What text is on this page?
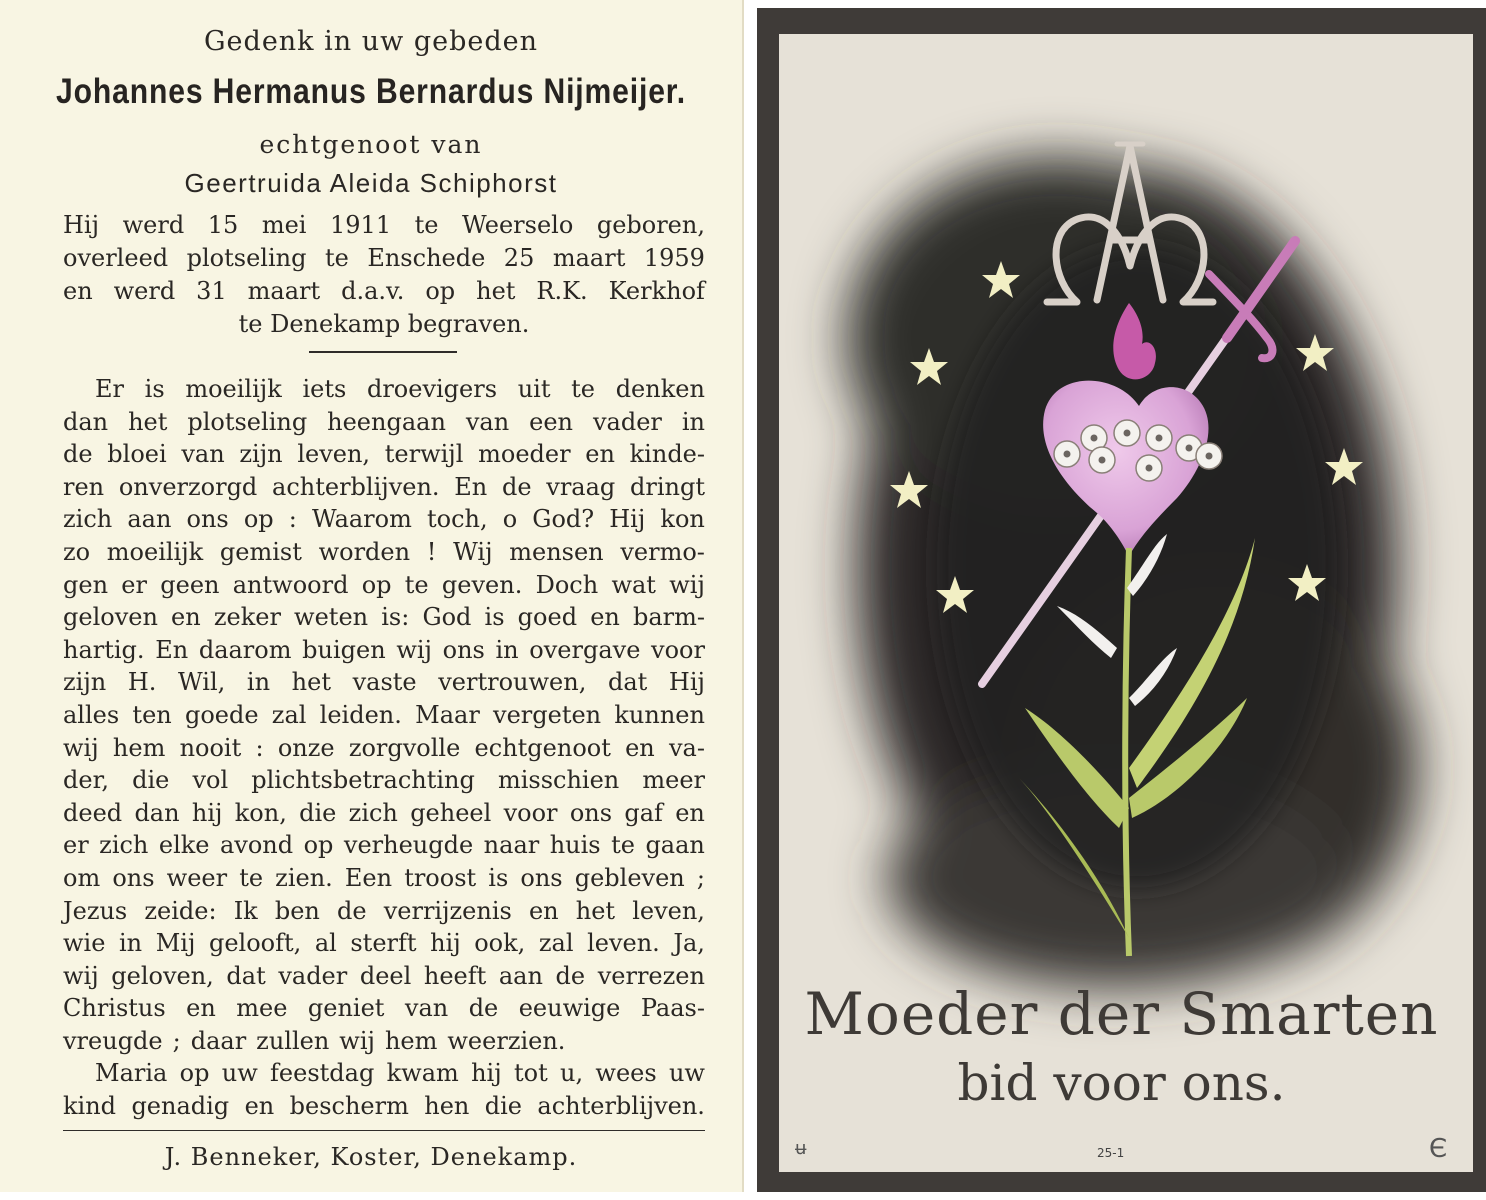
Gedenk in uw gebeden
Johannes Hermanus Bernardus Nijmeijer.
echtgenoot van
Geertruida Aleida Schiphorst
Hij werd 15 mei 1911 te Weerselo geboren,
overleed plotseling te Enschede 25 maart 1959
en werd 31 maart d.a.v. op het R.K. Kerkhof
te Denekamp begraven.
Er is moeilijk iets droevigers uit te denken
dan het plotseling heengaan van een vader in
de bloei van zijn leven, terwijl moeder en kinde-
ren onverzorgd achterblijven. En de vraag dringt
zich aan ons op : Waarom toch, o God? Hij kon
zo moeilijk gemist worden ! Wij mensen vermo-
gen er geen antwoord op te geven. Doch wat wij
geloven en zeker weten is: God is goed en barm-
hartig. En daarom buigen wij ons in overgave voor
zijn H. Wil, in het vaste vertrouwen, dat Hij
alles ten goede zal leiden. Maar vergeten kunnen
wij hem nooit : onze zorgvolle echtgenoot en va-
der, die vol plichtsbetrachting misschien meer
deed dan hij kon, die zich geheel voor ons gaf en
er zich elke avond op verheugde naar huis te gaan
om ons weer te zien. Een troost is ons gebleven ;
Jezus zeide: Ik ben de verrijzenis en het leven,
wie in Mij gelooft, al sterft hij ook, zal leven. Ja,
wij geloven, dat vader deel heeft aan de verrezen
Christus en mee geniet van de eeuwige Paas-
vreugde ; daar zullen wij hem weerzien.
Maria op uw feestdag kwam hij tot u, wees uw
kind genadig en bescherm hen die achterblijven.
J. Benneker, Koster, Denekamp.
Moeder der Smarten
bid voor ons.
ʉ	25-1	Є
